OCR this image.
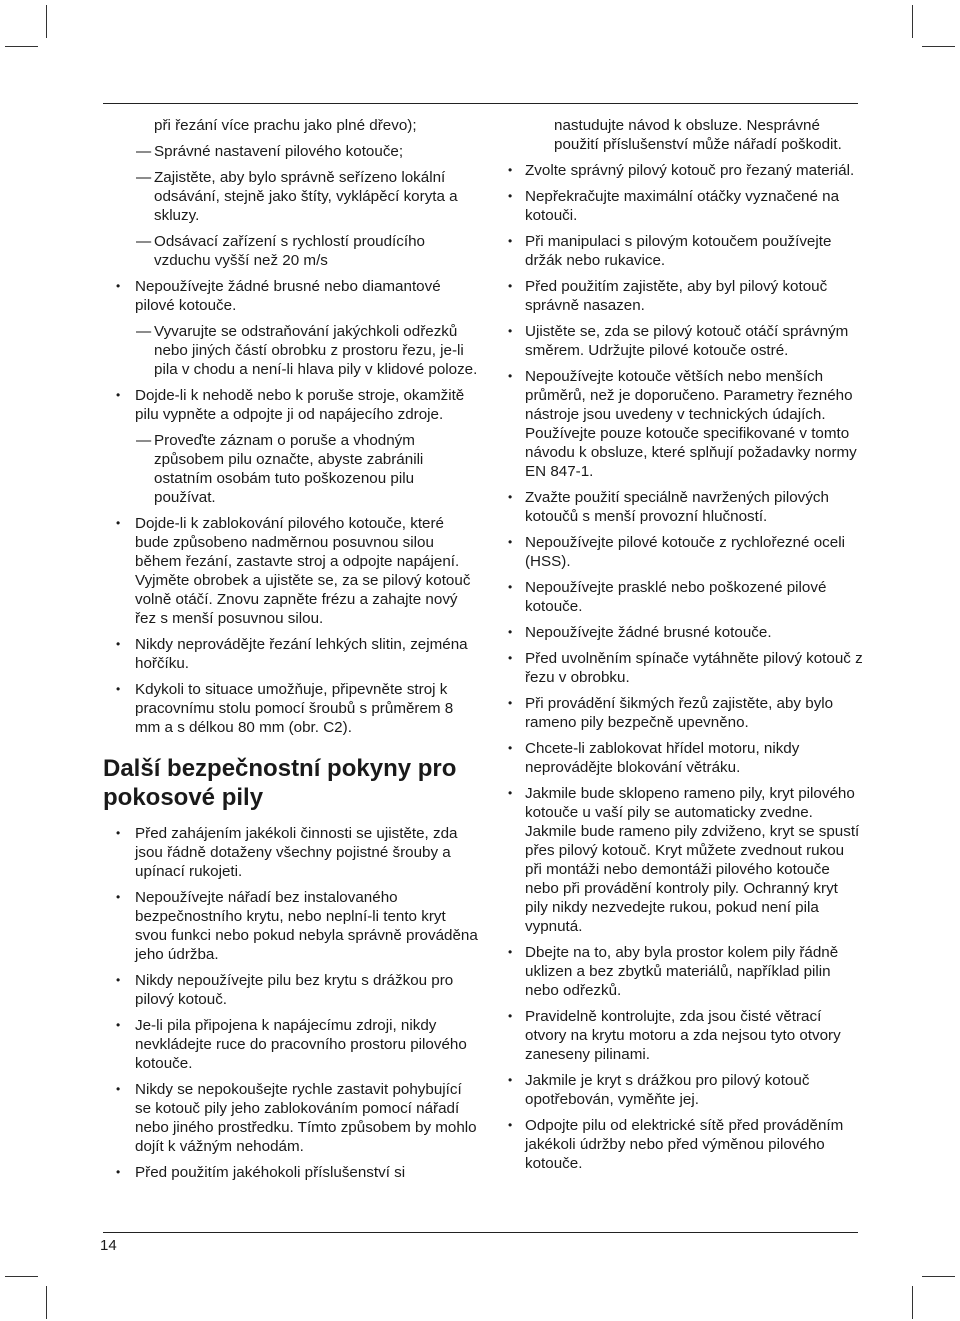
při řezání více prachu jako plné dřevo);
— Správné nastavení pilového kotouče;
— Zajistěte, aby bylo správně seřízeno lokální odsávání, stejně jako štíty, vyklápěcí koryta a skluzy.
— Odsávací zařízení s rychlostí proudícího vzduchu vyšší než 20 m/s
• Nepoužívejte žádné brusné nebo diamantové pilové kotouče.
— Vyvarujte se odstraňování jakýchkoli odřezků nebo jiných částí obrobku z prostoru řezu, je-li pila v chodu a není-li hlava pily v klidové poloze.
• Dojde-li k nehodě nebo k poruše stroje, okamžitě pilu vypněte a odpojte ji od napájecího zdroje.
— Proveďte záznam o poruše a vhodným způsobem pilu označte, abyste zabránili ostatním osobám tuto poškozenou pilu používat.
• Dojde-li k zablokování pilového kotouče, které bude způsobeno nadměrnou posuvnou silou během řezání, zastavte stroj a odpojte napájení. Vyjměte obrobek a ujistěte se, za se pilový kotouč volně otáčí. Znovu zapněte frézu a zahajte nový řez s menší posuvnou silou.
• Nikdy neprovádějte řezání lehkých slitin, zejména hořčíku.
• Kdykoli to situace umožňuje, připevněte stroj k pracovnímu stolu pomocí šroubů s průměrem 8 mm a s délkou 80 mm (obr. C2).
Další bezpečnostní pokyny pro pokosové pily
• Před zahájením jakékoli činnosti se ujistěte, zda jsou řádně dotaženy všechny pojistné šrouby a upínací rukojeti.
• Nepoužívejte nářadí bez instalovaného bezpečnostního krytu, nebo neplní-li tento kryt svou funkci nebo pokud nebyla správně prováděna jeho údržba.
• Nikdy nepoužívejte pilu bez krytu s drážkou pro pilový kotouč.
• Je-li pila připojena k napájecímu zdroji, nikdy nevkládejte ruce do pracovního prostoru pilového kotouče.
• Nikdy se nepokoušejte rychle zastavit pohybující se kotouč pily jeho zablokováním pomocí nářadí nebo jiného prostředku. Tímto způsobem by mohlo dojít k vážným nehodám.
• Před použitím jakéhokoli příslušenství si
nastudujte návod k obsluze. Nesprávné použití příslušenství může nářadí poškodit.
• Zvolte správný pilový kotouč pro řezaný materiál.
• Nepřekračujte maximální otáčky vyznačené na kotouči.
• Při manipulaci s pilovým kotoučem používejte držák nebo rukavice.
• Před použitím zajistěte, aby byl pilový kotouč správně nasazen.
• Ujistěte se, zda se pilový kotouč otáčí správným směrem. Udržujte pilové kotouče ostré.
• Nepoužívejte kotouče větších nebo menších průměrů, než je doporučeno. Parametry řezného nástroje jsou uvedeny v technických údajích. Používejte pouze kotouče specifikované v tomto návodu k obsluze, které splňují požadavky normy EN 847-1.
• Zvažte použití speciálně navržených pilových kotoučů s menší provozní hlučností.
• Nepoužívejte pilové kotouče z rychlořezné oceli (HSS).
• Nepoužívejte prasklé nebo poškozené pilové kotouče.
• Nepoužívejte žádné brusné kotouče.
• Před uvolněním spínače vytáhněte pilový kotouč z řezu v obrobku.
• Při provádění šikmých řezů zajistěte, aby bylo rameno pily bezpečně upevněno.
• Chcete-li zablokovat hřídel motoru, nikdy neprovádějte blokování větráku.
• Jakmile bude sklopeno rameno pily, kryt pilového kotouče u vaší pily se automaticky zvedne. Jakmile bude rameno pily zdviženo, kryt se spustí přes pilový kotouč. Kryt můžete zvednout rukou při montáži nebo demontáži pilového kotouče nebo při provádění kontroly pily. Ochranný kryt pily nikdy nezvedejte rukou, pokud není pila vypnutá.
• Dbejte na to, aby byla prostor kolem pily řádně uklizen a bez zbytků materiálů, například pilin nebo odřezků.
• Pravidelně kontrolujte, zda jsou čisté větrací otvory na krytu motoru a zda nejsou tyto otvory zaneseny pilinami.
• Jakmile je kryt s drážkou pro pilový kotouč opotřebován, vyměňte jej.
• Odpojte pilu od elektrické sítě před prováděním jakékoli údržby nebo před výměnou pilového kotouče.
14
